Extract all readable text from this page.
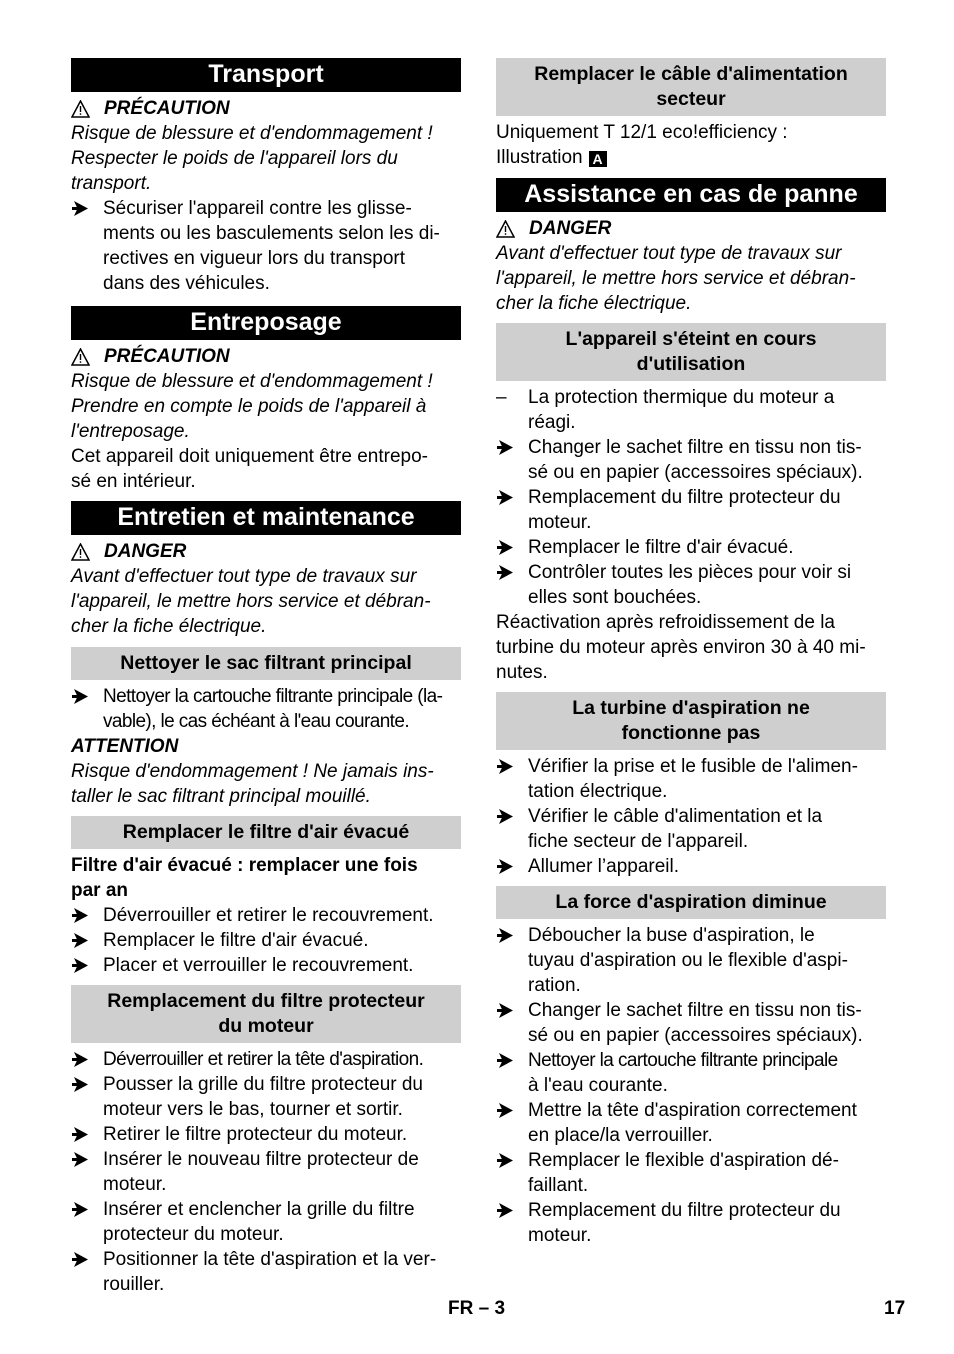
Transport
PRÉCAUTION
Risque de blessure et d'endommagement !
Respecter le poids de l'appareil lors du
transport.
Sécuriser l'appareil contre les glisse-
ments ou les basculements selon les di-
rectives en vigueur lors du transport
dans des véhicules.
Entreposage
PRÉCAUTION
Risque de blessure et d'endommagement !
Prendre en compte le poids de l'appareil à
l'entreposage.
Cet appareil doit uniquement être entrepo-
sé en intérieur.
Entretien et maintenance
DANGER
Avant d'effectuer tout type de travaux sur
l'appareil, le mettre hors service et débran-
cher la fiche électrique.
Nettoyer le sac filtrant principal
Nettoyer la cartouche filtrante principale (la-
vable), le cas échéant à l'eau courante.
ATTENTION
Risque d'endommagement ! Ne jamais ins-
taller le sac filtrant principal mouillé.
Remplacer le filtre d'air évacué
Filtre d'air évacué : remplacer une fois
par an
Déverrouiller et retirer le recouvrement.
Remplacer le filtre d'air évacué.
Placer et verrouiller le recouvrement.
Remplacement du filtre protecteur
du moteur
Déverrouiller et retirer la tête d'aspiration.
Pousser la grille du filtre protecteur du
moteur vers le bas, tourner et sortir.
Retirer le filtre protecteur du moteur.
Insérer le nouveau filtre protecteur de
moteur.
Insérer et enclencher la grille du filtre
protecteur du moteur.
Positionner la tête d'aspiration et la ver-
rouiller.
Remplacer le câble d'alimentation
secteur
Uniquement T 12/1 eco!efficiency :
Illustration A
Assistance en cas de panne
DANGER
Avant d'effectuer tout type de travaux sur
l'appareil, le mettre hors service et débran-
cher la fiche électrique.
L'appareil s'éteint en cours
d'utilisation
–	La protection thermique du moteur a
réagi.
Changer le sachet filtre en tissu non tis-
sé ou en papier (accessoires spéciaux).
Remplacement du filtre protecteur du
moteur.
Remplacer le filtre d'air évacué.
Contrôler toutes les pièces pour voir si
elles sont bouchées.
Réactivation après refroidissement de la
turbine du moteur après environ 30 à 40 mi-
nutes.
La turbine d'aspiration ne
fonctionne pas
Vérifier la prise et le fusible de l'alimen-
tation électrique.
Vérifier le câble d'alimentation et la
fiche secteur de l'appareil.
Allumer l’appareil.
La force d'aspiration diminue
Déboucher la buse d'aspiration, le
tuyau d'aspiration ou le flexible d'aspi-
ration.
Changer le sachet filtre en tissu non tis-
sé ou en papier (accessoires spéciaux).
Nettoyer la cartouche filtrante principale
à l'eau courante.
Mettre la tête d'aspiration correctement
en place/la verrouiller.
Remplacer le flexible d'aspiration dé-
faillant.
Remplacement du filtre protecteur du
moteur.
FR – 3	17
